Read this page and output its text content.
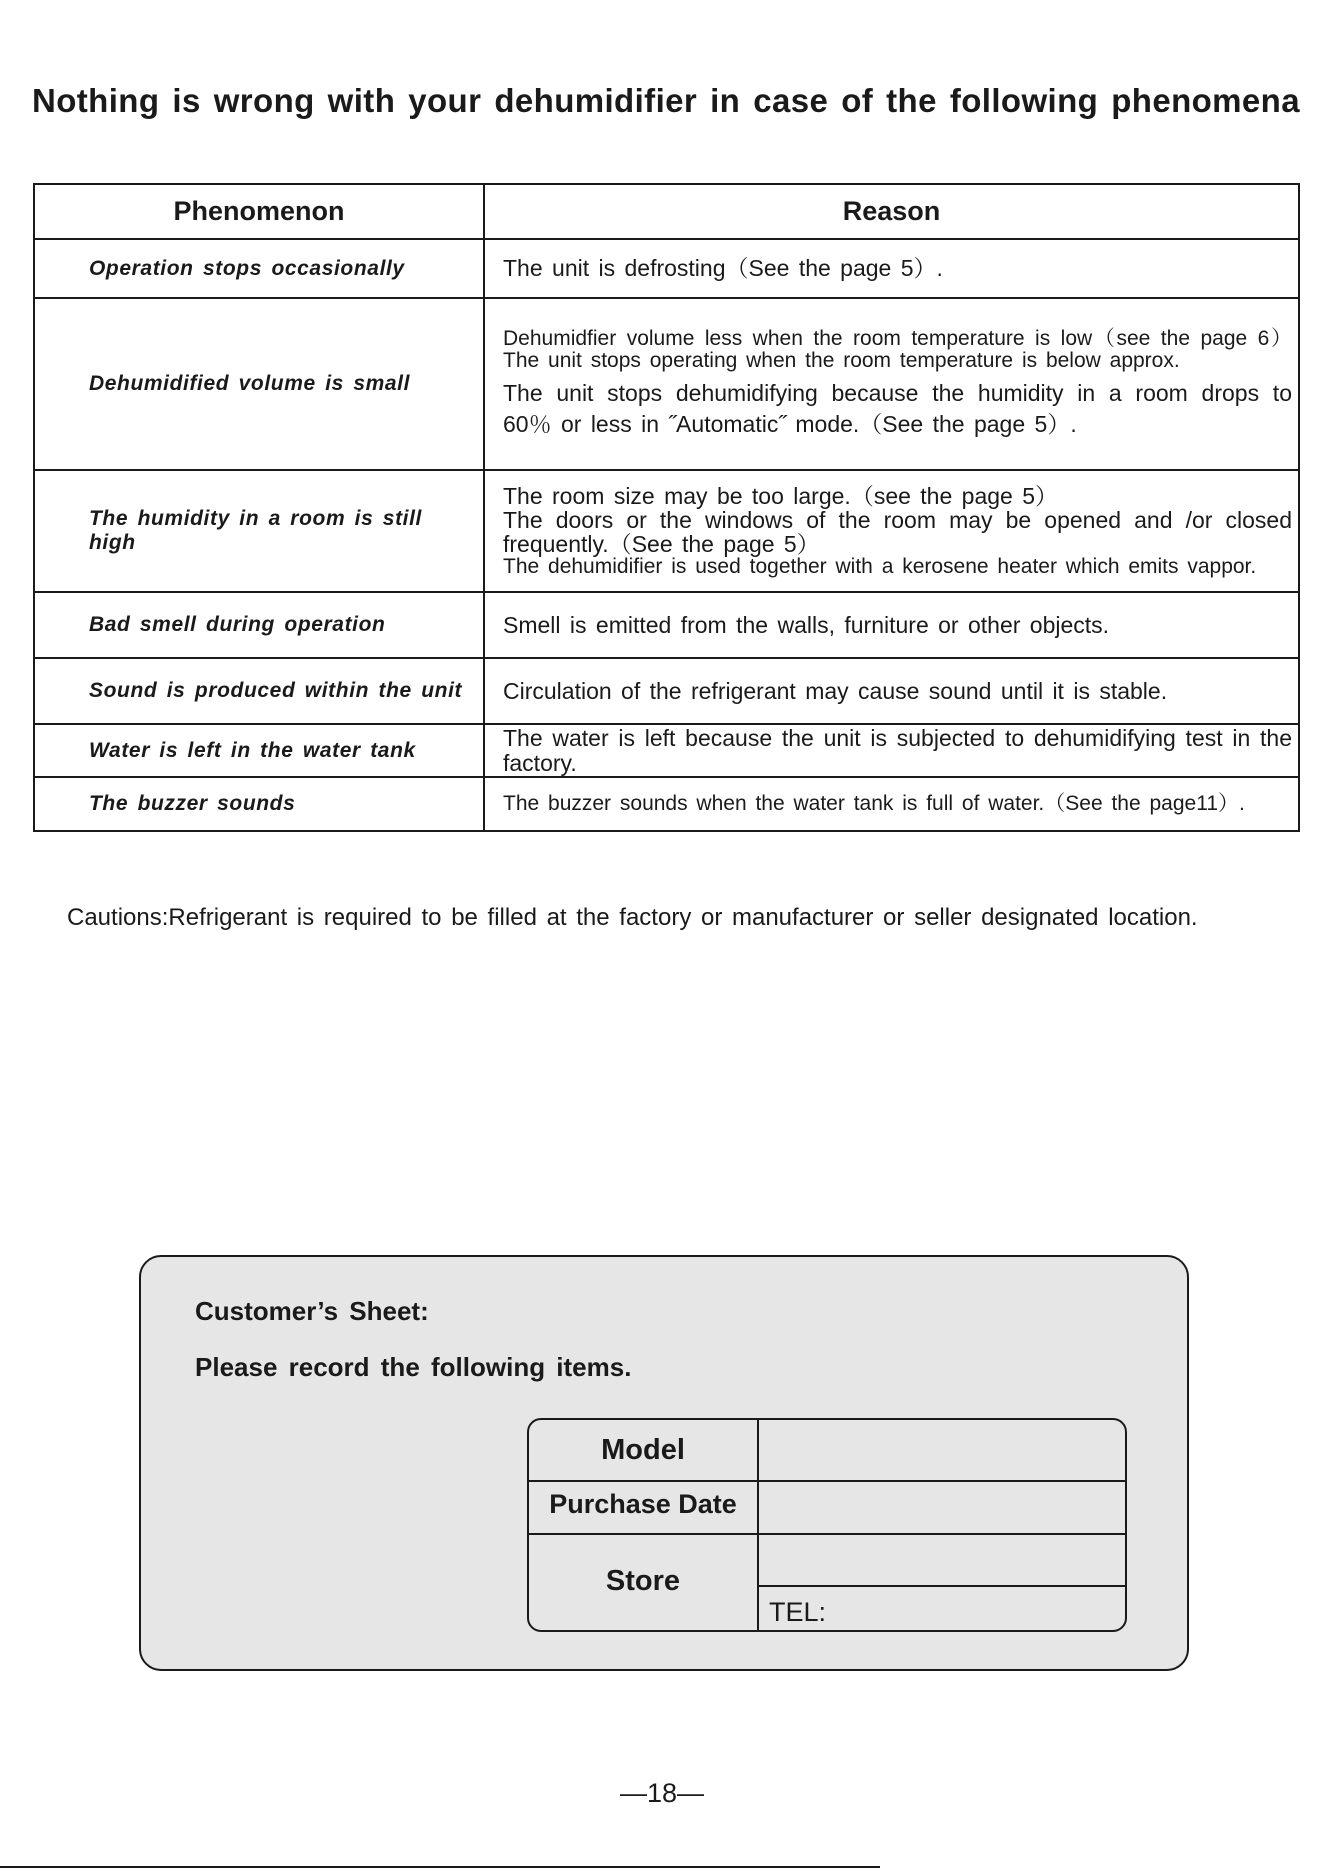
Nothing is wrong with your dehumidifier in case of the following phenomena
Phenomenon	Reason
Operation stops occasionally	The unit is defrosting（See the page 5）.

Dehumidified volume is small	Dehumidfier volume less when the room temperature is low（see the page 6）The unit stops operating when the room temperature is below approx.
The unit stops dehumidifying because the humidity in a room drops to 60％ or less in ˝Automatic˝ mode.（See the page 5）.

The humidity in a room is still high	The room size may be too large.（see the page 5）
The doors or the windows of the room may be opened and /or closed frequently.（See the page 5）
The dehumidifier is used together with a kerosene heater which emits vappor.

Bad smell during operation	Smell is emitted from the walls, furniture or other objects.

Sound is produced within the unit	Circulation of the refrigerant may cause sound until it is stable.

Water is left in the water tank	The water is left because the unit is subjected to dehumidifying test in the factory.

The buzzer sounds	The buzzer sounds when the water tank is full of water.（See the page11）.
Cautions:Refrigerant is required to be filled at the factory or manufacturer or seller designated location.
Customer’s Sheet:
Please record the following items.
Model
Purchase Date
Store
TEL:
—18—
